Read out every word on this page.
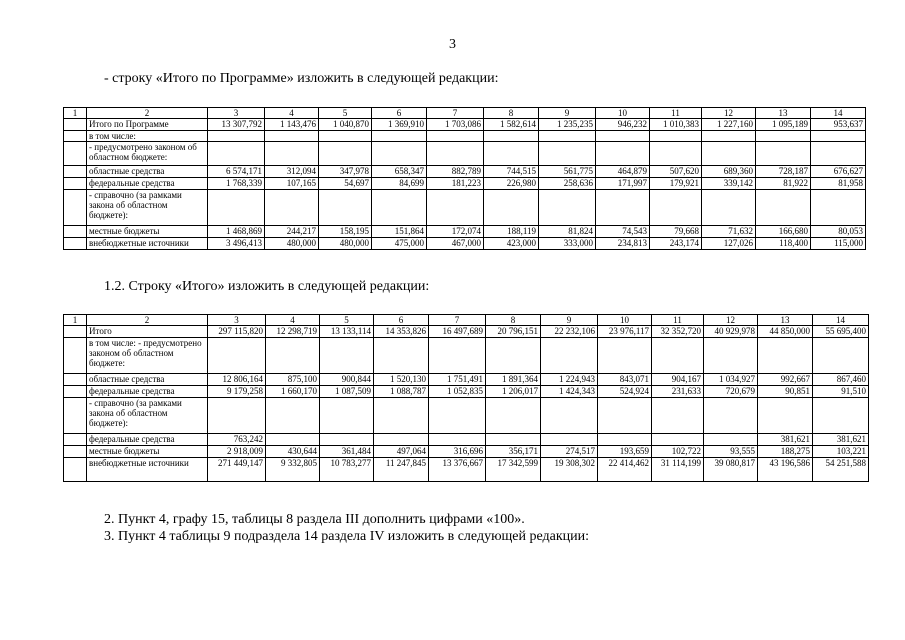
3
- строку «Итого по Программе» изложить в следующей редакции:
1	2	3	4	5	6	7	8	9	10	11	12	13	14
	Итого по Программе	13 307,792	1 143,476	1 040,870	1 369,910	1 703,086	1 582,614	1 235,235	946,232	1 010,383	1 227,160	1 095,189	953,637
	в том числе:												
	- предусмотрено законом об областном бюджете:												
	областные средства	6 574,171	312,094	347,978	658,347	882,789	744,515	561,775	464,879	507,620	689,360	728,187	676,627
	федеральные средства	1 768,339	107,165	54,697	84,699	181,223	226,980	258,636	171,997	179,921	339,142	81,922	81,958
	- справочно (за рамками закона об областном бюджете):												
	местные бюджеты	1 468,869	244,217	158,195	151,864	172,074	188,119	81,824	74,543	79,668	71,632	166,680	80,053
	внебюджетные источники	3 496,413	480,000	480,000	475,000	467,000	423,000	333,000	234,813	243,174	127,026	118,400	115,000
1.2. Строку «Итого» изложить в следующей редакции:
1	2	3	4	5	6	7	8	9	10	11	12	13	14
	Итого	297 115,820	12 298,719	13 133,114	14 353,826	16 497,689	20 796,151	22 232,106	23 976,117	32 352,720	40 929,978	44 850,000	55 695,400
	в том числе: - предусмотрено законом об областном бюджете:												
	областные средства	12 806,164	875,100	900,844	1 520,130	1 751,491	1 891,364	1 224,943	843,071	904,167	1 034,927	992,667	867,460
	федеральные средства	9 179,258	1 660,170	1 087,509	1 088,787	1 052,835	1 206,017	1 424,343	524,924	231,633	720,679	90,851	91,510
	- справочно (за рамками закона об областном бюджете):												
	федеральные средства	763,242										381,621	381,621
	местные бюджеты	2 918,009	430,644	361,484	497,064	316,696	356,171	274,517	193,659	102,722	93,555	188,275	103,221
	внебюджетные источники	271 449,147	9 332,805	10 783,277	11 247,845	13 376,667	17 342,599	19 308,302	22 414,462	31 114,199	39 080,817	43 196,586	54 251,588
2. Пункт 4, графу 15, таблицы 8 раздела III дополнить цифрами «100».
3. Пункт 4 таблицы 9 подраздела 14 раздела IV изложить в следующей редакции:
